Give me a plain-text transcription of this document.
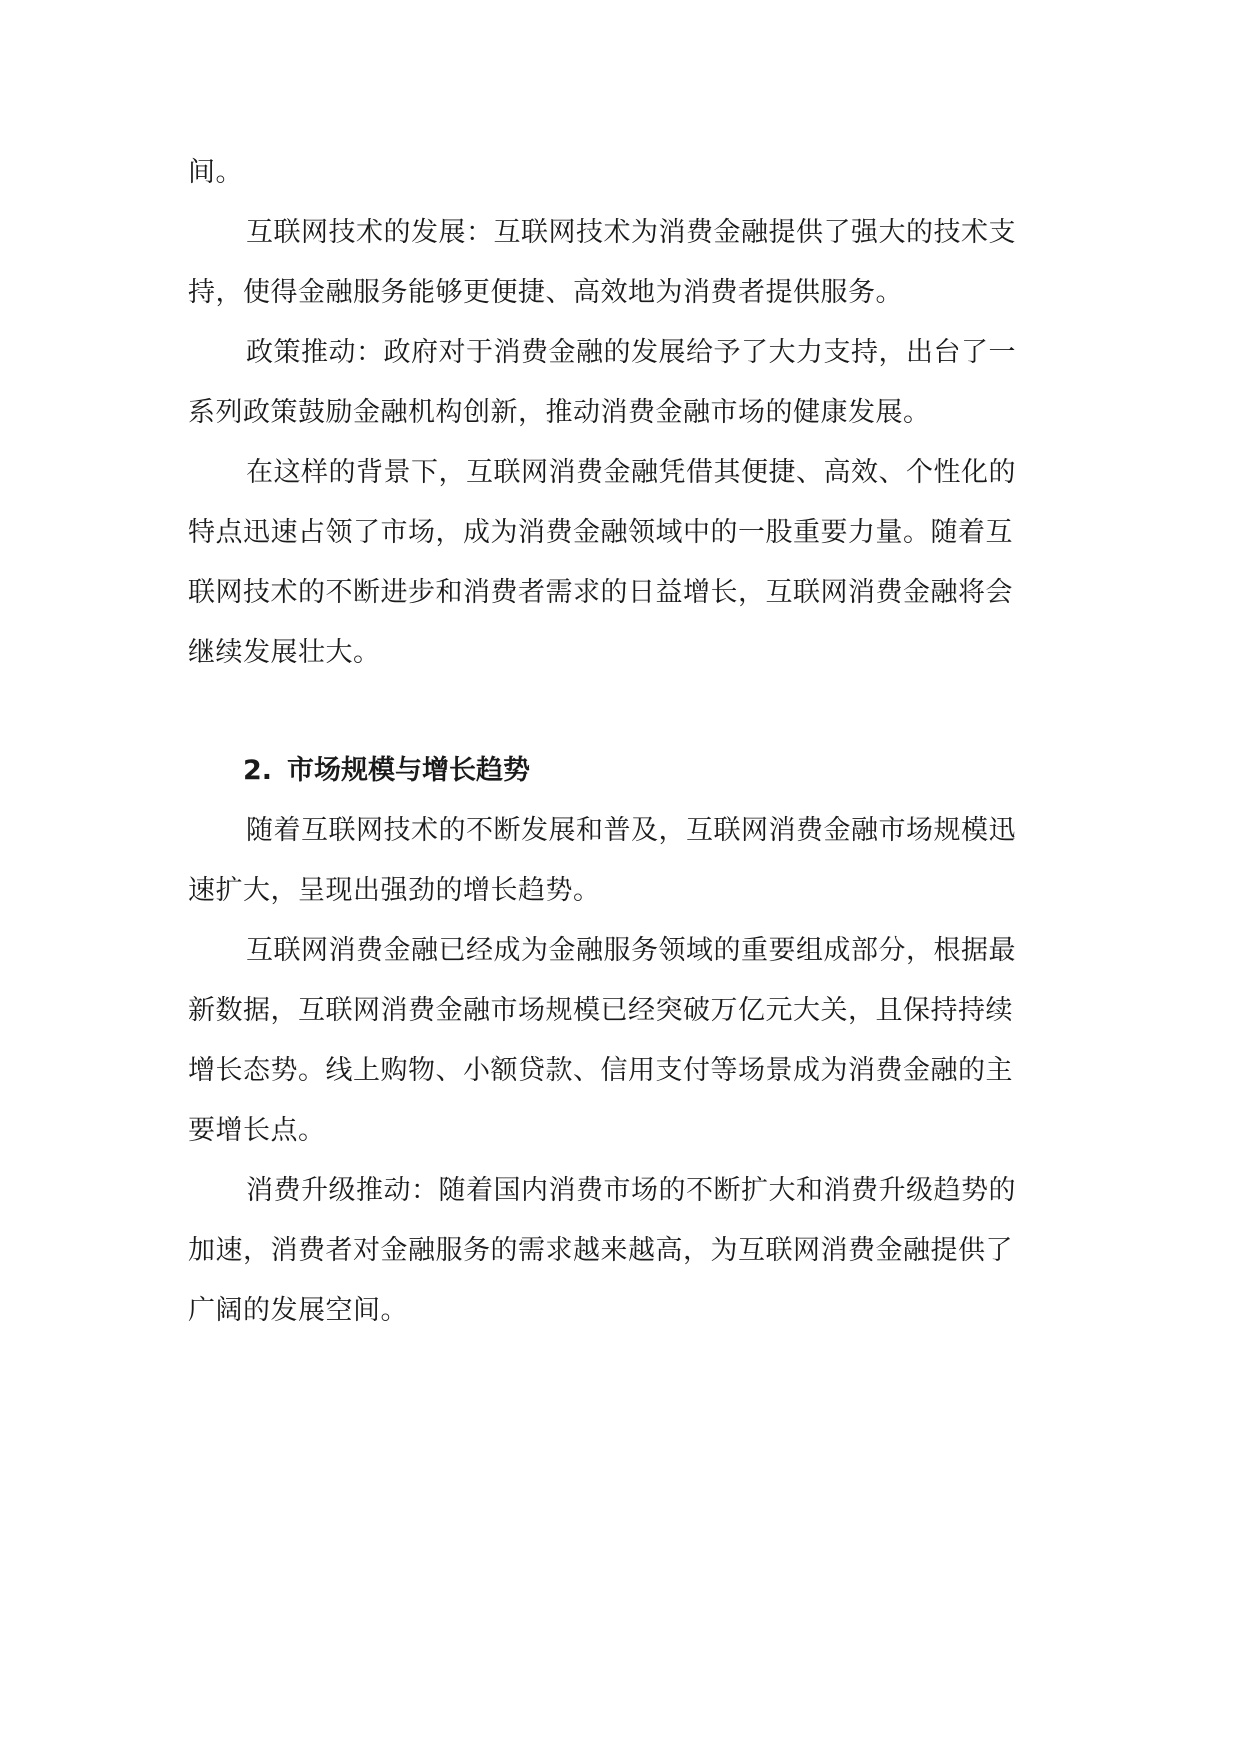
间。
互联网技术的发展：互联网技术为消费金融提供了强大的技术支
持，使得金融服务能够更便捷、高效地为消费者提供服务。
政策推动：政府对于消费金融的发展给予了大力支持，出台了一
系列政策鼓励金融机构创新，推动消费金融市场的健康发展。
在这样的背景下，互联网消费金融凭借其便捷、高效、个性化的
特点迅速占领了市场，成为消费金融领域中的一股重要力量。随着互
联网技术的不断进步和消费者需求的日益增长，互联网消费金融将会
继续发展壮大。
2. 市场规模与增长趋势
随着互联网技术的不断发展和普及，互联网消费金融市场规模迅
速扩大，呈现出强劲的增长趋势。
互联网消费金融已经成为金融服务领域的重要组成部分，根据最
新数据，互联网消费金融市场规模已经突破万亿元大关，且保持持续
增长态势。线上购物、小额贷款、信用支付等场景成为消费金融的主
要增长点。
消费升级推动：随着国内消费市场的不断扩大和消费升级趋势的
加速，消费者对金融服务的需求越来越高，为互联网消费金融提供了
广阔的发展空间。
